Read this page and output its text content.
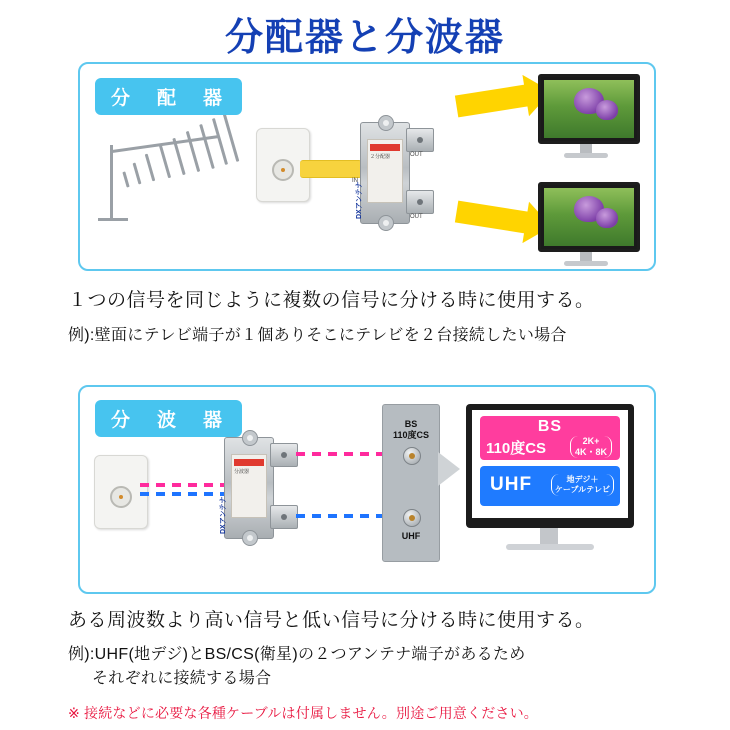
分配器と分波器
分　配　器
２分配器
DXアンテナ
OUT
OUT
IN
１つの信号を同じように複数の信号に分ける時に使用する。
例):壁面にテレビ端子が１個ありそこにテレビを２台接続したい場合
分　波　器
分波器
DXアンテナ
BS
110度CS
UHF
BS
110度CS	2K+
4K・8K
UHF	地デジ＋
ケーブルテレビ
ある周波数より高い信号と低い信号に分ける時に使用する。
例):UHF(地デジ)とBS/CS(衛星)の２つアンテナ端子があるため
それぞれに接続する場合
※ 接続などに必要な各種ケーブルは付属しません。別途ご用意ください。
